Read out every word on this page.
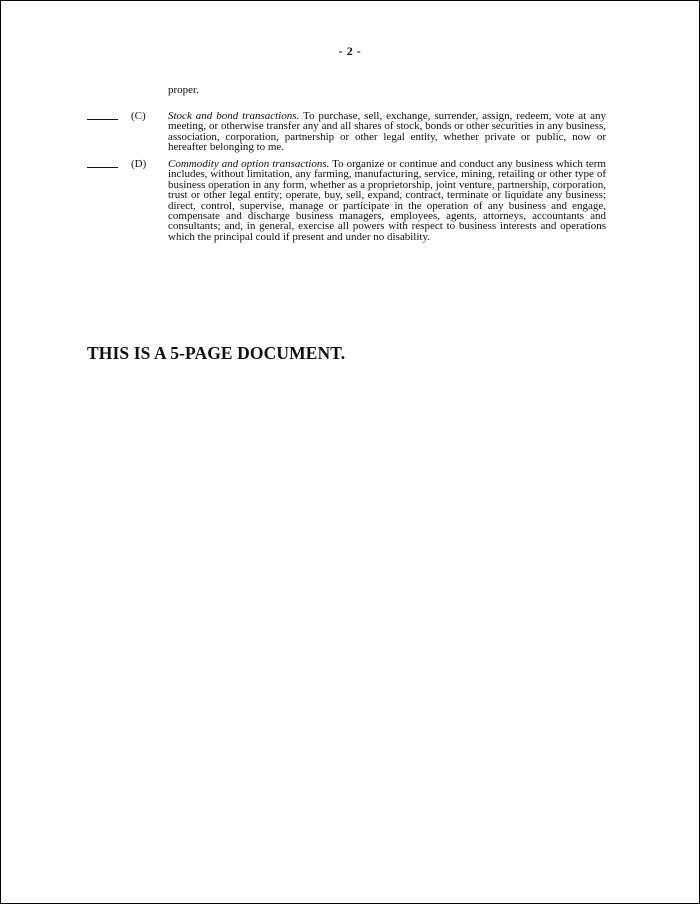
- 2 -
proper.
(C) Stock and bond transactions. To purchase, sell, exchange, surrender, assign, redeem, vote at any meeting, or otherwise transfer any and all shares of stock, bonds or other securities in any business, association, corporation, partnership or other legal entity, whether private or public, now or hereafter belonging to me.
(D) Commodity and option transactions. To organize or continue and conduct any business which term includes, without limitation, any farming, manufacturing, service, mining, retailing or other type of business operation in any form, whether as a proprietorship, joint venture, partnership, corporation, trust or other legal entity; operate, buy, sell, expand, contract, terminate or liquidate any business; direct, control, supervise, manage or participate in the operation of any business and engage, compensate and discharge business managers, employees, agents, attorneys, accountants and consultants; and, in general, exercise all powers with respect to business interests and operations which the principal could if present and under no disability.
THIS IS A 5-PAGE DOCUMENT.
